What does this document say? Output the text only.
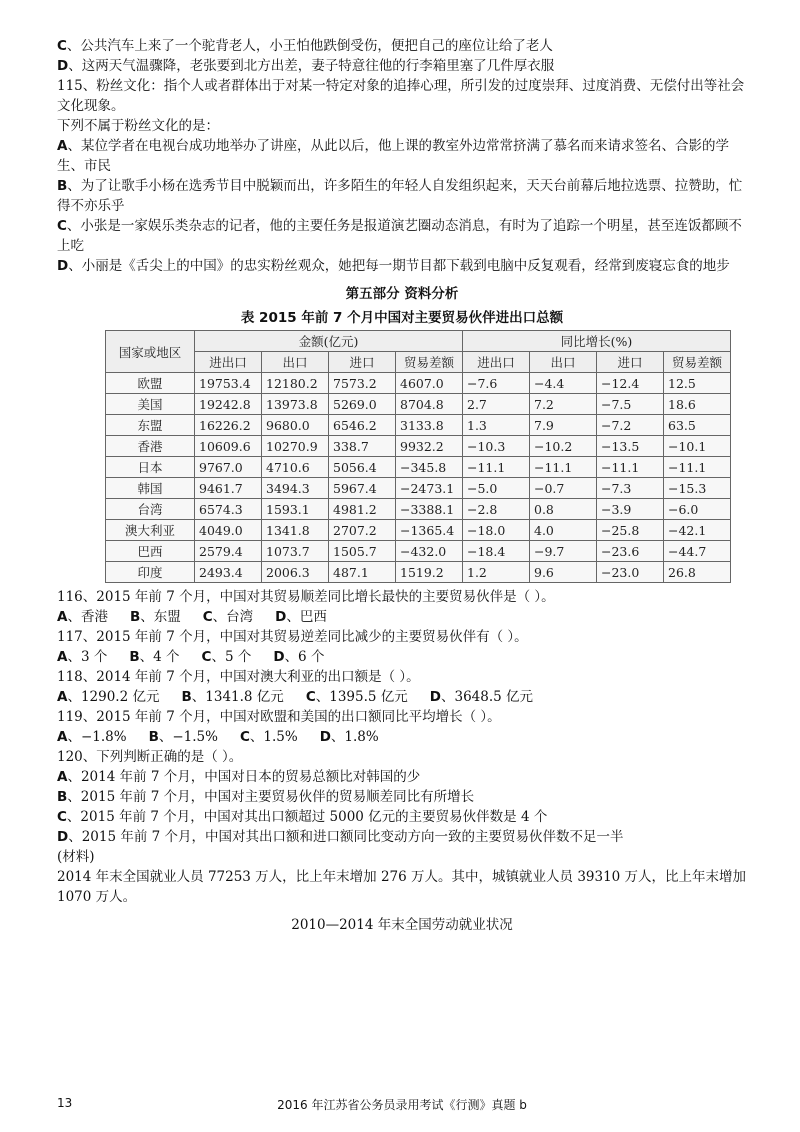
C、公共汽车上来了一个驼背老人，小王怕他跌倒受伤，便把自己的座位让给了老人
D、这两天气温骤降，老张要到北方出差，妻子特意往他的行李箱里塞了几件厚衣服
115、粉丝文化：指个人或者群体出于对某一特定对象的追捧心理，所引发的过度崇拜、过度消费、无偿付出等社会文化现象。
下列不属于粉丝文化的是：
A、某位学者在电视台成功地举办了讲座，从此以后，他上课的教室外边常常挤满了慕名而来请求签名、合影的学生、市民
B、为了让歌手小杨在选秀节目中脱颖而出，许多陌生的年轻人自发组织起来，天天台前幕后地拉选票、拉赞助，忙得不亦乐乎
C、小张是一家娱乐类杂志的记者，他的主要任务是报道演艺圈动态消息，有时为了追踪一个明星，甚至连饭都顾不上吃
D、小丽是《舌尖上的中国》的忠实粉丝观众，她把每一期节目都下载到电脑中反复观看，经常到废寝忘食的地步
第五部分 资料分析
表 2015 年前 7 个月中国对主要贸易伙伴进出口总额
国家或地区	金额(亿元)				同比增长(%)			
	进出口	出口	进口	贸易差额	进出口	出口	进口	贸易差额
欧盟	19753.4	12180.2	7573.2	4607.0	−7.6	−4.4	−12.4	12.5
美国	19242.8	13973.8	5269.0	8704.8	2.7	7.2	−7.5	18.6
东盟	16226.2	9680.0	6546.2	3133.8	1.3	7.9	−7.2	63.5
香港	10609.6	10270.9	338.7	9932.2	−10.3	−10.2	−13.5	−10.1
日本	9767.0	4710.6	5056.4	−345.8	−11.1	−11.1	−11.1	−11.1
韩国	9461.7	3494.3	5967.4	−2473.1	−5.0	−0.7	−7.3	−15.3
台湾	6574.3	1593.1	4981.2	−3388.1	−2.8	0.8	−3.9	−6.0
澳大利亚	4049.0	1341.8	2707.2	−1365.4	−18.0	4.0	−25.8	−42.1
巴西	2579.4	1073.7	1505.7	−432.0	−18.4	−9.7	−23.6	−44.7
印度	2493.4	2006.3	487.1	1519.2	1.2	9.6	−23.0	26.8
116、2015 年前 7 个月，中国对其贸易顺差同比增长最快的主要贸易伙伴是（ ）。
A、香港 B、东盟 C、台湾 D、巴西
117、2015 年前 7 个月，中国对其贸易逆差同比减少的主要贸易伙伴有（ ）。
A、3 个 B、4 个 C、5 个 D、6 个
118、2014 年前 7 个月，中国对澳大利亚的出口额是（ ）。
A、1290.2 亿元 B、1341.8 亿元 C、1395.5 亿元 D、3648.5 亿元
119、2015 年前 7 个月，中国对欧盟和美国的出口额同比平均增长（ ）。
A、−1.8% B、−1.5% C、1.5% D、1.8%
120、下列判断正确的是（ ）。
A、2014 年前 7 个月，中国对日本的贸易总额比对韩国的少
B、2015 年前 7 个月，中国对主要贸易伙伴的贸易顺差同比有所增长
C、2015 年前 7 个月，中国对其出口额超过 5000 亿元的主要贸易伙伴数是 4 个
D、2015 年前 7 个月，中国对其出口额和进口额同比变动方向一致的主要贸易伙伴数不足一半
(材料)
2014 年末全国就业人员 77253 万人，比上年末增加 276 万人。其中，城镇就业人员 39310 万人，比上年末增加 1070 万人。
2010—2014 年末全国劳动就业状况
2016 年江苏省公务员录用考试《行测》真题 b
13
